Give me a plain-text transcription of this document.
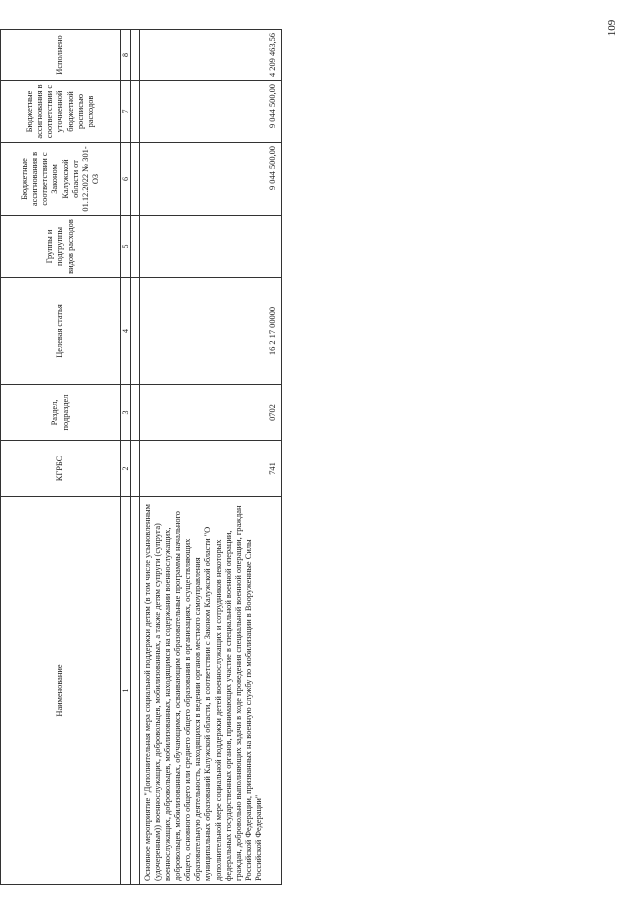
109
Наименование	КГРБС	Раздел, подраздел	Целевая статья	Группы и подгруппы видов расходов	Бюджетные ассигнования в соответствии с Законом Калужской области от 01.12.2022 № 301-ОЗ	Бюджетные ассигнования в соответствии с уточненной бюджетной росписью расходов	Исполнено
1	2	3	4	5	6	7	8

Основное мероприятие "Дополнительная мера социальной поддержки детям (в том числе усыновленным (удочеренным)) военнослужащих, добровольцев, мобилизованных, а также детям супруги (супруга) военнослужащих, добровольцев, мобилизованных, находящимся на содержании военнослужащих, добровольцев, мобилизованных, обучающимся, осваивающим образовательные программы начального общего, основного общего или среднего общего образования в организациях, осуществляющих образовательную деятельность, находящихся в ведении органов местного самоуправления муниципальных образований Калужской области, в соответствии с Законом Калужской области "О дополнительной мере социальной поддержки детей военнослужащих и сотрудников некоторых федеральных государственных органов, принимающих участие в специальной военной операции, граждан, добровольно выполняющих задачи в ходе проведения специальной военной операции, граждан Российской Федерации, призванных на военную службу по мобилизации в Вооруженные Силы Российской Федерации"	741	0702	16 2 17 00000		9 044 500,00	9 044 500,00	4 209 463,56
